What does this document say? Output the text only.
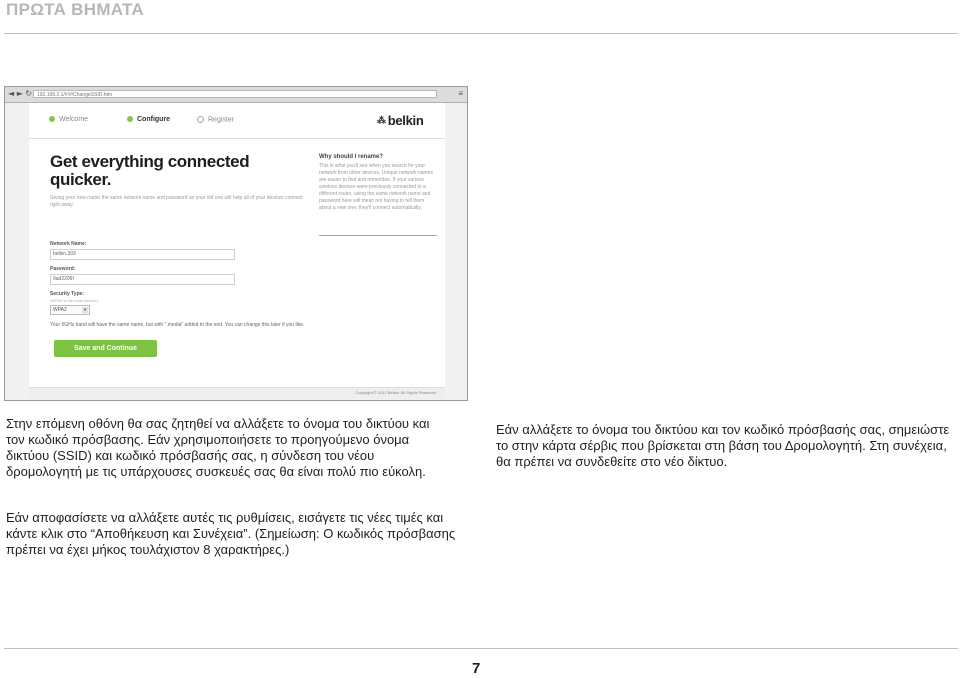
ΠΡΩΤΑ ΒΗΜΑΤΑ
◄ ► ↻ 192.168.2.1/#!#/ChangeSSID.htm	≡
Welcome	Configure	Register	⁂ belkin
Get everything connected quicker.
Giving your new router the same network name and password as your old one will help all of your devices connect right away.
Network Name:
belkin.393
Password:
9ad2206f
Security Type:
(WPA2 is the most secure.)
WPA2	▼
Your 5GHz band will have the same name, but with ".media" added to the end. You can change this later if you like.
Save and Continue
Why should I rename?
This is what you'll see when you search for your network from other devices. Unique network names are easier to find and remember. If your various wireless devices were previously connected to a different router, using the same network name and password here will mean not having to tell them about a new one; they'll connect automatically.
Copyright © 2012 Belkin. All Rights Reserved.
Στην επόμενη οθόνη θα σας ζητηθεί να αλλάξετε το όνομα του δικτύου και τον κωδικό πρόσβασης. Εάν χρησιμοποιήσετε το προηγούμενο όνομα δικτύου (SSID) και κωδικό πρόσβασής σας, η σύνδεση του νέου δρομολογητή με τις υπάρχουσες συσκευές σας θα είναι πολύ πιο εύκολη.
Εάν αποφασίσετε να αλλάξετε αυτές τις ρυθμίσεις, εισάγετε τις νέες τιμές και κάντε κλικ στο “Αποθήκευση και Συνέχεια”. (Σημείωση: Ο κωδικός πρόσβασης πρέπει να έχει μήκος τουλάχιστον 8 χαρακτήρες.)
Εάν αλλάξετε το όνομα του δικτύου και τον κωδικό πρόσβασής σας, σημειώστε το στην κάρτα σέρβις που βρίσκεται στη βάση του Δρομολογητή. Στη συνέχεια, θα πρέπει να συνδεθείτε στο νέο δίκτυο.
7
